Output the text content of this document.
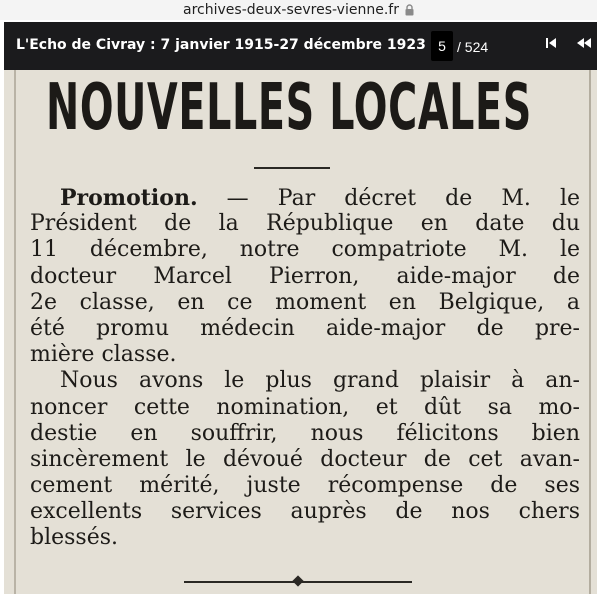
archives-deux-sevres-vienne.fr
L'Echo de Civray : 7 janvier 1915-27 décembre 1923 5 / 524
NOUVELLES LOCALES
Promotion. — Par décret de M. le
Président de la République en date du
11 décembre, notre compatriote M. le
docteur Marcel Pierron, aide-major de
2e classe, en ce moment en Belgique, a
été promu médecin aide-major de pre-
mière classe.
Nous avons le plus grand plaisir à an-
noncer cette nomination, et dût sa mo-
destie en souffrir, nous félicitons bien
sincèrement le dévoué docteur de cet avan-
cement mérité, juste récompense de ses
excellents services auprès de nos chers
blessés.
